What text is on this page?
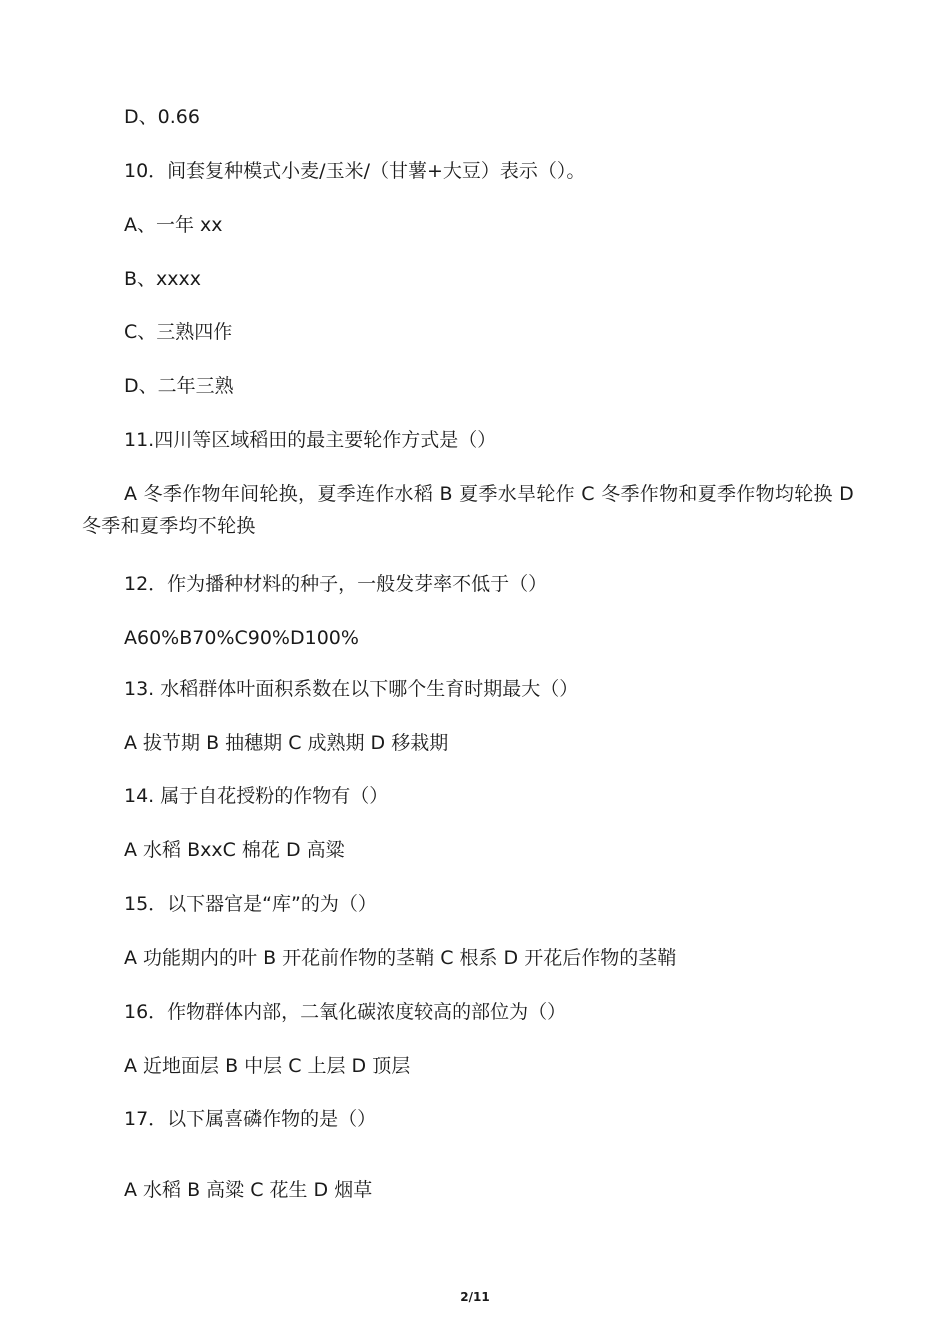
D、0.66
10．间套复种模式小麦/玉米/（甘薯+大豆）表示（）。
A、一年 xx
B、xxxx
C、三熟四作
D、二年三熟
11.四川等区域稻田的最主要轮作方式是（）
A 冬季作物年间轮换，夏季连作水稻 B 夏季水旱轮作 C 冬季作物和夏季作物均轮换 D 冬季和夏季均不轮换
12．作为播种材料的种子，一般发芽率不低于（）
A60%B70%C90%D100%
13. 水稻群体叶面积系数在以下哪个生育时期最大（）
A 拔节期 B 抽穗期 C 成熟期 D 移栽期
14. 属于自花授粉的作物有（）
A 水稻 BxxC 棉花 D 高粱
15．以下器官是“库”的为（）
A 功能期内的叶 B 开花前作物的茎鞘 C 根系 D 开花后作物的茎鞘
16．作物群体内部，二氧化碳浓度较高的部位为（）
A 近地面层 B 中层 C 上层 D 顶层
17．以下属喜磷作物的是（）
A 水稻 B 高粱 C 花生 D 烟草
2/11
